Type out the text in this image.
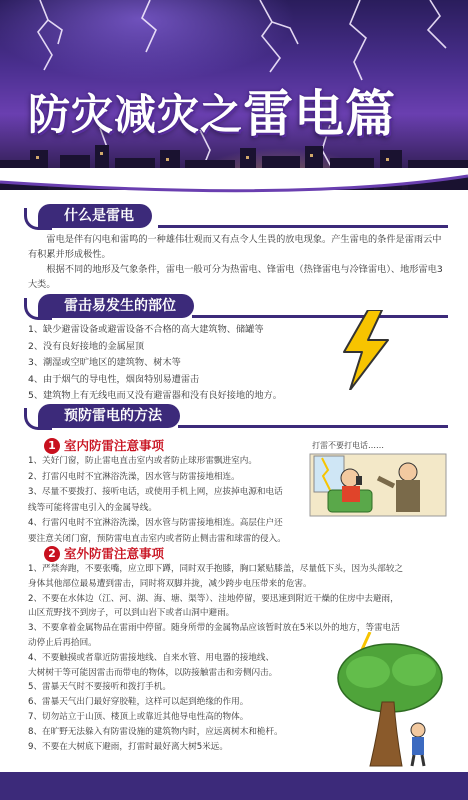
防灾减灾之雷电篇
什么是雷电

雷电是伴有闪电和雷鸣的一种雄伟壮观而又有点令人生畏的放电现象。产生雷电的条件是雷雨云中有积累并形成极性。

根据不同的地形及气象条件，雷电一般可分为热雷电、锋雷电（热锋雷电与冷锋雷电）、地形雷电3大类。

雷击易发生的部位
1、缺少避雷设备或避雷设备不合格的高大建筑物、储罐等
2、没有良好接地的金属屋顶
3、潮湿或空旷地区的建筑物、树木等
4、由于烟气的导电性，烟囱特别易遭雷击
5、建筑物上有无线电而又没有避雷器和没有良好接地的地方。
预防雷电的方法
1 室内防雷注意事项
1、关好门窗，防止雷电直击室内或者防止球形雷飘进室内。
2、打雷闪电时不宜淋浴洗澡，因水管与防雷接地相连。
3、尽量不要拨打、接听电话，或使用手机上网，应拔掉电源和电话
线等可能将雷电引入的金属导线。
4、行雷闪电时不宜淋浴洗澡，因水管与防雷接地相连。高层住户还
要注意关闭门窗，预防雷电直击室内或者防止侧击雷和球雷的侵入。
打雷不要打电话……
2 室外防雷注意事项
1、严禁奔跑，不要张嘴，应立即下蹲，同时双手抱膝，胸口紧贴膝盖，尽量低下头，因为头部较之
身体其他部位最易遭到雷击，同时将双脚并拢，减少跨步电压带来的危害。
2、不要在水体边（江、河、湖、海、塘、渠等）、洼地停留，要迅速到附近干燥的住房中去避雨，
山区荒野找不到房子，可以到山岩下或者山洞中避雨。
3、不要拿着金属物品在雷雨中停留。随身所带的金属物品应该暂时放在5米以外的地方，等雷电活
动停止后再拾回。
4、不要触摸或者靠近防雷接地线、自来水管、用电器的接地线、
大树树干等可能因雷击而带电的物体，以防接触雷击和旁侧闪击。
5、雷暴天气时不要接听和拨打手机。
6、雷暴天气出门最好穿胶鞋，这样可以起到绝缘的作用。
7、切勿站立于山顶、楼顶上或靠近其他导电性高的物体。
8、在旷野无法躲入有防雷设施的建筑物内时，应远离树木和桅杆。
9、不要在大树底下避雨，打雷时最好离大树5米远。
